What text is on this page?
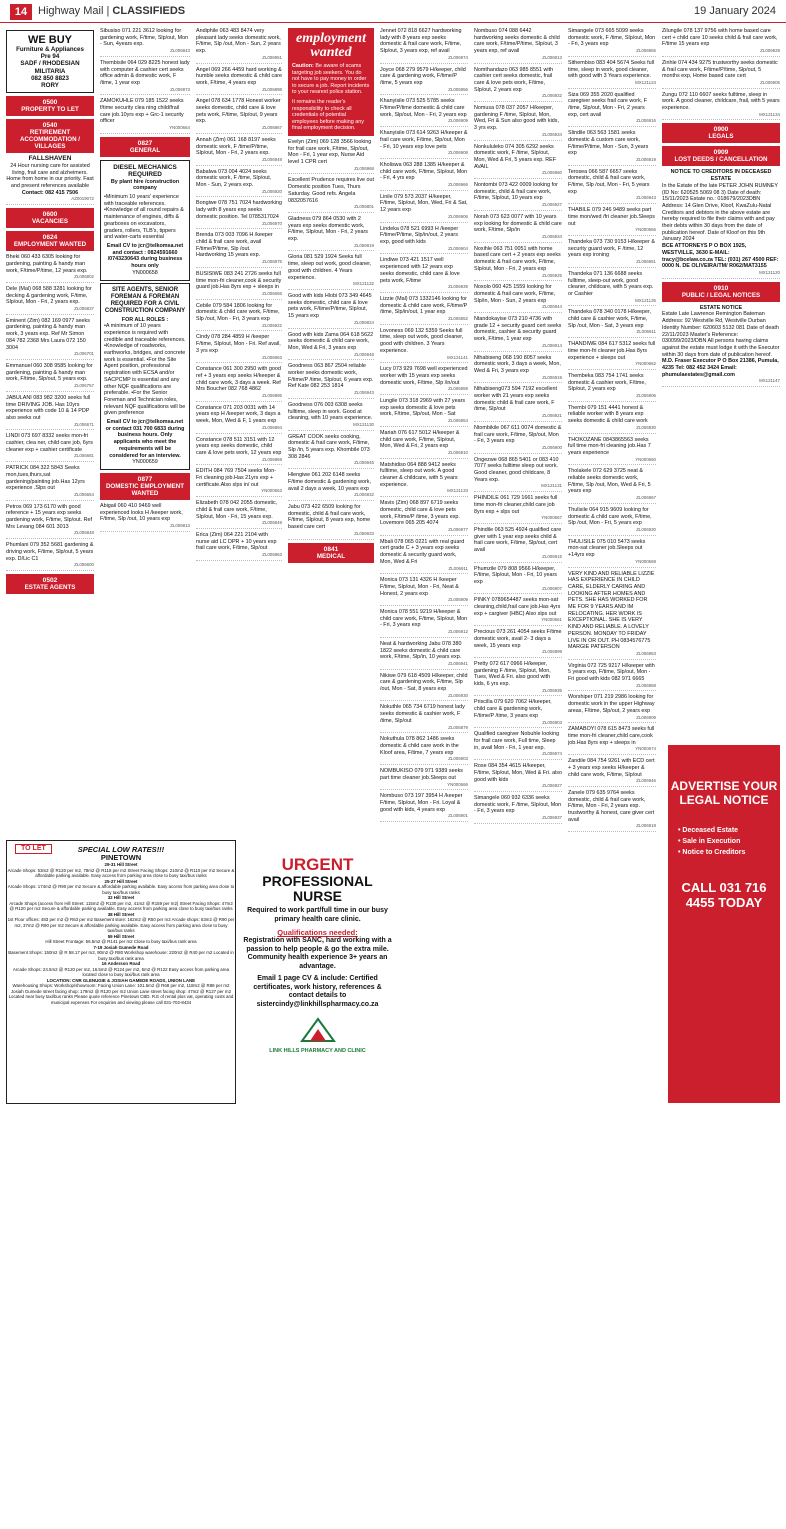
14 Highway Mail | CLASSIFIEDS	19 January 2024
WE BUY
Furniture & Appliances
Pre 94
SADF / RHODESIAN
MILITARIA
082 850 8823
RORY
0500
PROPERTY TO LET
0540
RETIREMENT ACCOMMODATION / VILLAGES
FALLSHAVEN
24 Hour nursing care for assisted living, frail care and alzheimers. Home from home in our priority. Fast and present references available
Contact: 082 415 7506
AZ0019072
0600
VACANCIES
0624
EMPLOYMENT WANTED
Bheki 060 433 6305 looking for gardening, painting & handy man work, F/time/P/time, 12 years exp.
ZL006802
Dele (Mal) 068 588 3281 looking for decking & gardening work, F/time, Slp/out, Mon - Fri, 2 years exp.
ZL006837
Eminent (Zim) 082 169 0977 seeks gardening, painting & handy man work, 3 years exp. Ref Mr Simon 084 782 2368 Mrs Laura 072 150 3004
ZL006701
Emmanuel 060 308 9585 looking for gardening, painting & handy man work, F/time, Slp/out, 5 years exp.
ZL006757
JABULANI 083 982 3200 seeks full time DRIVING JOB. Has 10yrs experience with code 10 & 14 PDP also seeks out
ZL006671
LINDI 073 697 8332 seeks mon-fri cashier, clea ner, child care job, 6yrs cleaner exp + cashier certificate
ZL006681
PATRICK 084 322 5843 Seeks mon,tues,thurs,sat gardening/painting job.Has 12yrs experience .Slps out
ZL006654
Petros 069 173 6170 with good reference + 15 years exp seeks gardening work, F/time, Slp/out. Ref Mrs Levang 084 601 3013
ZL006848
Phumlani 079 352 5681 gardening & driving work, F/time, Slp/out, 5 years exp. D/Lic C1
ZL006600
0502
ESTATE AGENTS
Sibusiso 071 221 3612 looking for gardening work, F/time, Slp/out, Mon - Sun, 4years exp.
ZL006843
Thembisile 064 029 8225 honest lady with computer & cashier cert seeks office admin & domestic work, F /time, 1 year exp
ZL006973
ZAMOKUHLE 079 185 1522 seeks f/time security clea ning child/frail care job.10yrs exp + Grc-1 security officer
YN000664
0827
GENERAL
DIESEL MECHANICS REQUIRED
By plant hire /construction company
•Minimum 10 years' experience with traceable references. •Knowledge of all round repairs & maintenance of engines, diffs & gearboxes on excavators, graders, rollers, TLB's, tippers and water-carts essential
Email CV to jcr@telkomsa.net and contact : 0824591660 /0743230643 during business hours only
YN000658
SITE AGENTS, SENIOR FOREMAN & FOREMAN REQUIRED FOR A CIVIL CONSTRUCTION COMPANY
FOR ALL ROLES :
•A minimum of 10 years experience is required with credible and traceable references. •Knowledge of roadworks, earthworks, bridges, and concrete work is essential. •For the Site Agent position, professional registration with ECSA and/or SACPCMP is essential and any other NQF qualifications are preferable. •For the Senior Foreman and Technician roles, relevant NQF qualifications will be given preference
Email CV to jcr@telkomsa.net or contact 031 700 6833 during business hours. Only applicants who meet the requirements will be considered for an interview.
YN000659
0877
DOMESTIC EMPLOYMENT WANTED
Abigail 060 410 9469 well experienced looks H /keeper work, F/time, Slp /out, 10 years exp
ZL006813
Andiphile 063 483 8474 very pleasant lady seeks domestic work, F/time, Slp /out, Mon - Sun, 2 years exp.
ZL006951
Angel 069 266 4459 hard working & humble seeks domestic & child care work, F/time, 4 years exp
ZL006898
Angel 078 634 1778 Honest worker seeks domestic, child care & love pets work, F/time, Slp/out, 9 years exp.
ZL006867
Annah (Zim) 061 168 8197 seeks domestic work, F /time/P/time, Slp/out, Mon - Fri, 2 years exp.
ZL006949
Babalwa 073 004 4024 seeks domestic work, F /time, Slp/out, Mon - Sun, 2 years exp.
ZL006920
Bongiwe 078 751 7024 hardworking lady with 8 years exp seeks domestic position. Tel 0785317024
ZL006970
Brenda 073 003 7096 H /keeper child & frail care work, avail F/time/P/time, Slp /out. Hardworking 15 years exp.
ZL006875
BUSISIWE 083 241 2726 seeks full time mon-fri cleaner,cook & security guard job.Has 8yrs exp + sleeps in
ZL006656
Cebile 079 584 1806 looking for domestic & child care work, F/time, Slp /out, Mon - Fri, 3 years exp
ZL006922
Cindy 078 284 4859 H /keeper F/time, Slp/out, Mon - Fri. Ref avail, 3 yrs exp
ZL006963
Constance 061 300 2950 with good ref + 3 years exp seeks H/keeper & child care work, 3 days a week. Ref Mrs Boucher 082 768 4862
ZL006895
Constance 071 203 0031 with 14 years exp H /keeper work, 3 days a week, Mon, Wed & F, 1 years exp
ZL006894
Constance 078 511 3151 with 12 years exp seeks domestic, child care & love pets work, 12 years exp
ZL006869
EDITH 084 769 7504 seeks Mon-Fri cleaning job.Has 21yrs exp + certificate.Also slps in/ out
YN000663
Elizabeth 078 042 2055 domestic, child & frail care work, F/time, Slp/out, Mon - Fri, 15 years exp.
ZL006849
Erica (Zim) 064 221 2104 with nurse aid LC DPR + 10 years exp frail care work, F/time, Slp/out
ZL006863
employment wanted
Caution: Be aware of scams targeting job seekers. You do not have to pay money in order to secure a job. Report incidents to your nearest police station.
It remains the reader's responsibility to check all credentials of potential employees before making any final employment decision.
Evelyn (Zim) 069 128 3566 looking for frail care work, F/time, Slp/out, Mon - Fri, 1 year exp, Nurse Aid level 1 CPR cert
ZL006968
Excellent Prudence requires live out Domestic position Tues, Thurs Saturday. Good refs. Angela 0832057616
ZL006801
Gladness 079 864 0530 with 2 years exp seeks domestic work, F/time, Slp/out, Mon - Fri, 2 years exp.
ZL006919
Gloria 081 529 1924 Seeks full time, sleep out work, good cleaner, good with children. 4 Years experience.
MX121132
Good with kids Hlobi 073 349 4645 seeks domestic, child care & love pets work, F/time/P/time, Slp/out, 15 years exp
ZL006924
Good with kids Zama 064 618 5622 seeks domestic & child care work, Mon, Wed & Fri, 3 years exp
ZL006948
Goodness 063 867 2504 reliable worker seeks domestic work, F/time/P /time, Slp/out, 6 years exp. Ref Kate 082 253 1814
ZL006943
Goodness 076 003 6308 seeks fulltime, sleep in work. Good at cleaning, with 10 years experience.
MX121130
GREAT COOK seeks cooking, domestic & frail care work, F/time, Slp /in, 5 years exp. Khombile 073 308 2846
ZL006945
Hlengiwe 061 202 6148 seeks F/time domestic & gardening work, avail 2 days a week, 10 years exp
ZL006932
Jabu 073 422 6509 looking for domestic, child & frail care work, F/time, Slp/out, 8 years exp, home based care cert
ZL006933
0841
MEDICAL
Jennet 072 818 6627 hardworking lady with 8 years exp seeks domestic & frail care work, F/time, Slp/out, 3 years exp, ref avail
ZL006974
Joyce 068 279 9579 H/keeper, child care & gardening work, F/time/P /time, 5 years exp
ZL006956
Khanyisile 073 525 5785 seeks F/time/P/time domestic & child care work, Slp/out, Mon - Fri, 2 years exp
ZL006909
Khanyisile 073 614 9263 H/keeper & frail care work, F/time, Slp/out, Mon - Fri, 10 years exp love pets
ZL006908
Kholiswa 063 288 1385 H/keeper & child care work, F/time, Slp/out, Mon - Fri, 4 yrs exp
ZL006966
Linile 079 573 2037 H/keeper, F/time, Slp/out, Mon, Wed, Fri & Sat, 12 years exp
ZL006906
Lindeka 078 521 6993 H /keeper F/time/P/time, Slp/in/out, 2 years exp, good with kids
ZL006904
Lindiwe 073 421 1517 well experienced with 12 years exp seeks domestic, child care & love pets work, F/time
ZL006939
Lizzie (Mal) 073 1332146 looking for domestic & child care work, F/time/P /time, Slp/in/out, 1 year exp
ZL006852
Lovoness 069 132 5359 Seeks full time, sleep out work, good cleaner, good with children. 3 Years experience.
MX121141
Lucy 073 929 7698 well experienced worker with 15 years exp seeks domestic work, F/time, Slp /in/out
ZL006959
Lungile 073 318 2969 with 27 years exp seeks domestic & love pets work, F/time, Slp/out, Mon - Sat
ZL006954
Mariah 076 617 5012 H/keeper & child care work, F/time, Slp/out, Mon, Wed & Fri, 2 years exp
ZL006910
Matshidiso 064 888 9412 seeks fulltime, sleep out work. A good cleaner & childcare, with 5 years experience.
MX121133
Mavis (Zim) 068 897 6719 seeks domestic, child care & love pets work, F/time/P /time, 3 years exp. Lovemore 065 205 4074
ZL006977
Mbali 078 065 0221 with real guard cert grade C + 3 years exp seeks domestic & security guard work, Mon, Wed & Fri
ZL006911
Monica 073 131 4326 H /keeper F/time, Slp/out, Mon - Fri, Neat & Honest, 2 years exp
ZL006909
Monica 078 551 9219 H/keeper & child care work, F/time, Slp/out, Mon - Fri, 3 years exp
ZL006912
Neat & hardworking Jabu 078 380 1822 seeks domestic & child care work, F/time, Slp/in, 10 years exp.
ZL006941
Nikiwe 079 618 4509 H/keeper, child care & gardening work, F/time, Slp /out, Mon - Sat, 8 years exp
ZL006930
Nokuthle 065 734 6719 honest lady seeks domestic & cashier work, F /time, Slp/out
ZL006879
Nokuthula 078 862 1486 seeks domestic & child care work in the Kloof area, F/time, 7 years exp
ZL006903
NOMBUKISO 079 971 9389 seeks part time cleaner job.Sleeps out
YN000666
Nombuso 073 197 3954 H /keeper F/time, Slp/out, Mon - Fri. Loyal & good with kids, 4 years exp
ZL006901
Nombuso 074 088 6442 hardworking seeks domestic & child care work, F/time/P/time, Slp/out, 3 years exp, ref avail
ZL006913
Nomthandazo 063 985 8551 with cashier cert seeks domestic, frail care & love pets work, F/time, Slp/out, 2 years exp
ZL006932
Nomusa 078 037 2057 H/keeper, gardening F /time, Slp/out, Mon, Wed, Fri & Sun also good with kids, 3 yrs exp.
ZL006934
Nonkululeko 074 305 6292 seeks domestic work, F /time, Slp/out, Mon, Wed & Fri, 5 years exp. REF AVAIL
ZL006960
Nontombi 073 422 0009 looking for domestic, child & frail care work, F/time, Slp/out, 10 years exp
ZL006927
Norah 073 623 0077 with 10 years exp looking for domestic & child care work, F/time, Slp/in
ZL006934
Noxihle 063 751 0051 with home based care cert + 2 years exp seeks domestic & frail care work, F/time, Slp/out, Mon - Fri, 2 years exp
ZL006925
Noxolo 060 425 1559 looking for domestic & frail care work, F/time, Slp/in, Mon - Sun, 2 years exp
ZL006944
Ntandokayise 073 210 4736 with grade 12 + security guard cert seeks domestic, cashier & security guard work, F/time, 1 year exp
ZL006914
Nthabiseng 068 190 8057 seeks domestic work, 3 days a week, Mon, Wed & Fri, 3 years exp
ZL006919
Nthabiseng073 594 7192 excellent worker with 21 years exp seeks domestic child & frail care work, F /time, Slp/out
ZL006921
Ntombikile 067 611 0074 domestic & frail care work, F/time, Slp/out, Mon - Fri, 3 years exp
ZL006900
Ongezwe 068 865 5401 or 083 410 7077 seeks fulltime sleep out work. Good cleaner, good childcare, 8 Years exp.
MX121131
PHINDILE 061 729 1661 seeks full time mon-fri cleaner,child care job 8yrs exp + slps out
YN000667
Phindile 063 525 4924 qualified care giver with 1 year exp seeks child & frail care work, F/time, Slp/out, cert avail
ZL006915
Phumzile 079 808 9566 H/keeper, F/time, Slp/out, Mon - Fri, 10 years exp
ZL006907
PINKY 0789654487 seeks mon-sat cleaning,child,frail care job.Has 4yrs exp + cargiver (HBC) Also slps out
YN000661
Precious 073 261 4054 seeks F/time domestic work, avail 2- 3 days a week, 15 years exp
ZL006899
Pretty 072 617 0966 H/keeper, gardening F /time, Slp/out, Mon, Tues, Wed & Fri. also good with kids, 6 yrs exp.
ZL006935
Priscilla 079 620 7062 H/keeper, child care & gardening work, F/time/P /time, 3 years exp
ZL006903
Qualified caregiver Nobuhle looking for frail care work, Full time, Sleep in, avail Mon - Fri, 1 year exp.
ZL006974
Rose 084 354 4615 H/keeper, F/time, Slp/out, Mon, Wed & Fri. also good with kids
ZL006927
Simangele 060 932 6336 seeks domestic work, F /time, Slp/out, Mon - Fri, 3 years exp
ZL006937
Simangele 073 665 5099 seeks domestic work, F /time, Slp/out, Mon - Fri, 3 years exp
ZL006955
Sithembiso 083 404 5674 Seeks full time, sleep in work, good cleaner, with good with 3 Years experience.
MX121124
Siza 069 355 2020 qualified caregiver seeks frail care work, F /time, Slp/out, Mon - Fri, 2 years exp, cert avail
ZL006916
Slindile 063 563 1581 seeks domestic & custom care work, F/time/P/time, Mon - Sun, 3 years exp
ZL006919
Terosea 066 587 6657 seeks domestic, child & frail care work, F/time, Slp /out, Mon - Fri, 5 years exp
ZL006943
THABILE 079 246 9489 seeks part time mon/wed /fri cleaner job.Sleeps out
YN000665
Thandeka 073 730 9153 H/keeper & security guard work, F /time, 12 years exp ironing
ZL006951
Thandeka 071 136 6688 seeks fulltime, sleep-out work, good cleaner, childcare, with 5 years exp. or Cashier
MX121135
Thandeka 078 340 0178 H/keeper, child care & cashier work, F/time, Slp /out, Mon - Sat, 3 years exp
ZL006911
THANDIWE 084 617 5312 seeks full time mon-fri cleaner job.Has 8yrs experience + sleeps out
YN000662
Thembeka 083 754 1741 seeks domestic & cashier work, F/time, Slp/out, 2 years exp
ZL006906
Thembi 079 151 4441 honest & reliable worker with 8 years exp seeks domestic & child care work
ZL006930
THOKOZANE 0843865563 seeks full time mon-fri cleaning job.Has 7 years experience
YN000660
Tholakele 072 629 3725 neat & reliable seeks domestic work, F/time, Slp /out, Mon, Wed & Fri, 5 years exp
ZL006967
Thulisile 064 915 9609 looking for domestic & child care work, F/time, Slp /out, Mon - Fri, 5 years exp
ZL006930
THULISILE 075 010 5473 seeks mon-sat cleaner job.Sleeps out +14yrs exp
YN000668
VERY KIND AND RELIABLE LIZZIE HAS EXPERIENCE IN CHILD CARE, ELDERLY CARING AND LOOKING AFTER HOMES AND PETS. SHE HAS WORKED FOR ME FOR 9 YEARS AND IM RELOCATING. HER WORK IS EXCEPTIONAL. SHE IS VERY KIND AND RELIABLE. A LOVELY PERSON. MONDAY TO FRIDAY LIVE IN OR OUT. PH 0834576775 MARGIE PATERSON
ZL006953
Virginia 072 725 9217 H/keeper with 5 years exp, F/time, Slp/out, Mon - Fri good with kids 082 971 6665
ZL006958
Worshiper 071 219 2986 looking for domestic work in the upper Highway areas, F/time, Slp/out, 2 years exp
ZL006909
ZAMABOYI 078 615 8473 seeks full time mon-fri cleaner,child care,cook job.Has 8yrs exp + sleeps in
YN000674
Zandile 084 754 9261 with ECD cert + 3 years exp seeks H/keeper & child care work, F/time, Slp/out
ZL006946
Zanele 079 635 9764 seeks domestic, child & frail care work, F/time, Mon - Fri, 2 years exp. trustworthy & honest, care giver cert avail
ZL006918
Zilungile 078 137 9756 with home based care cert + child care 10 seeks child & frail care work, F/time 15 years exp
ZL006929
Zinhle 074 434 9275 trustworthy seeks domestic & frail care work, F/time/P/time, Slp/out, 5 months exp, Home based care cert
ZL006905
Zungu 072 110 6607 seeks fulltime, sleep in work. A good cleaner, childcare, frail, with 5 years experience.
MX121134
0900
LEGALS
0909
LOST DEEDS / CANCELLATION
NOTICE TO CREDITORS IN DECEASED ESTATE
In the Estate of the late PETER JOHN RUMNEY (ID No: 620525 5069 08 3) Date of death: 15/11/2023 Estate no.: 018679/2023DBN Address: 14 Glen Drive, Kloof, KwaZulu-Natal Creditors and debtors in the above estate are hereby required to file their claims with and pay their debts within 30 days from the date of publication hereof. Date of Kloof on this 9th January 2024
BCE ATTORNEYS P O BOX 1925, WESTVILLE, 3630 E-MAIL: tracy@bcelaw.co.za TEL: (031) 267 4500 REF: 0000 N. DE OLIVEIRA/TM/ R062/MAT3155
MX121120
0910
PUBLIC / LEGAL NOTICES
ESTATE NOTICE
Estate Late Lawrence Remington Bateman Address: 92 Westville Rd, Westville Durban Identity Number: 620603 5132 081 Date of death 22/11/2023 Master's Reference: 030099/2023/DBN All persons having claims against the estate must lodge it with the Executor within 30 days from date of publication hereof.
M.D. Fraser Executor P O Box 21386, Pumula, 4235 Tel: 082 452 3424 Email: phumulaestates@gmail.com
MX121147
TO LET	SPECIAL LOW RATES!!!
PINETOWN
29-31 Hill Street
Arcade Shops: 53m2 @ R120 per m2, 78m2 @ R118 per m2 Street Facing Shops: 210m2 @ R110 per m2 Secure & affordable parking available. Easy access from parking area close to busy taxi/bus ranks
25-27 Hill Street
Arcade Shops: 174m2 @ R90 per m2 Secure & affordable parking available. Easy access from parking area close to busy taxi/bus ranks
32 Hill Street
Arcade Shops (access from Hill Street: 115m2 @ R130 per m2, 41m2 @ R159 per m2) Street Facing Shops: 47m2 @ R120 per m2 Secure & affordable parking available. Easy access from parking area close to busy taxi/bus ranks
38 Hill Street
1st Floor offices: 483 per m2 @ R63 per m2 Basement store: 162m2 @ R50 per m2 Arcade shops: 63m2 @ R90 per m2, 37m2 @ R90 per m2 Secure & affordable parking available. Easy access from parking area close to busy taxi/bus ranks
59 Hill Street
Hill Street Frontage: 56.5m2 @ R141 per m2 Close to busy taxi/bus rank area
7-19 Josiah Gumede Road
Basement Shops: 150m2 @ R 58.17 per m2, 90m2 @ R80 Workshop warehouse: 220m2 @ R40 per m2 Located in busy taxi/bus rank area
16 Anderson Road
Arcade Shops: 24.5m2 @ R120 per m2, 16.5m2 @ R124 per m2, 5m2 @ R122 Easy access from parking area located close to busy taxi/bus rank area
LOCATION: CNR GLENUGIE & JOSIAH GAMEDE ROADS, UNION LANE
Warehousing Shops: Workshop/showroom: Facing Union Lane: 101.5m2 @ R68 per m2, 118m2 @ R88 per m2 Josiah Gumede street facing shop: 179m2 @ R120 per m2 Union Lane street facing shop: 47m2 @ R127 per m2
Located near busy taxi/bus ranks Please quote reference Pinetown CBD. R.E of rental plus vat, operating costs and municipal expenses For enquiries and viewing please call 031-702-8434
URGENT
PROFESSIONAL NURSE
Required to work part/full time in our busy primary health care clinic.
Qualifications needed:
Registration with SANC, hard working with a passion to help people & go the extra mile. Community health experience 3+ years an advantage.
Email 1 page CV & include: Certified certificates, work history, references & contact details to sistercindy@linkhillspharmacy.co.za
LINK HILLS PHARMACY AND CLINIC
ADVERTISE YOUR LEGAL NOTICE
• Deceased Estate
• Sale in Execution
• Notice to Creditors
CALL 031 716 4455 TODAY
